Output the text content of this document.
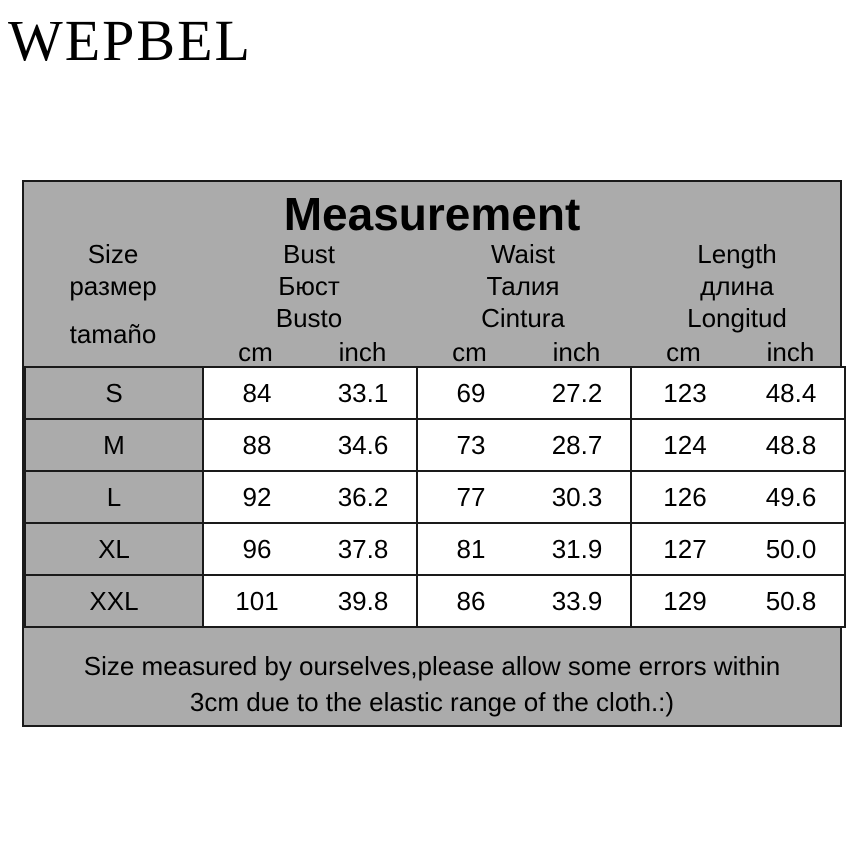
WEPBEL
Measurement
Size
размер

tamaño
Bust
Бюст
Busto
Waist
Талия
Cintura
Length
длина
Longitud
cm	inch	cm	inch	cm	inch
S	84 33.1	69 27.2	123 48.4

M	88 34.6	73 28.7	124 48.8

L	92 36.2	77 30.3	126 49.6

XL	96 37.8	81 31.9	127 50.0

XXL	101 39.8	86 33.9	129 50.8
Size measured by ourselves,please allow some errors within
3cm due to the elastic range of the cloth.:)
